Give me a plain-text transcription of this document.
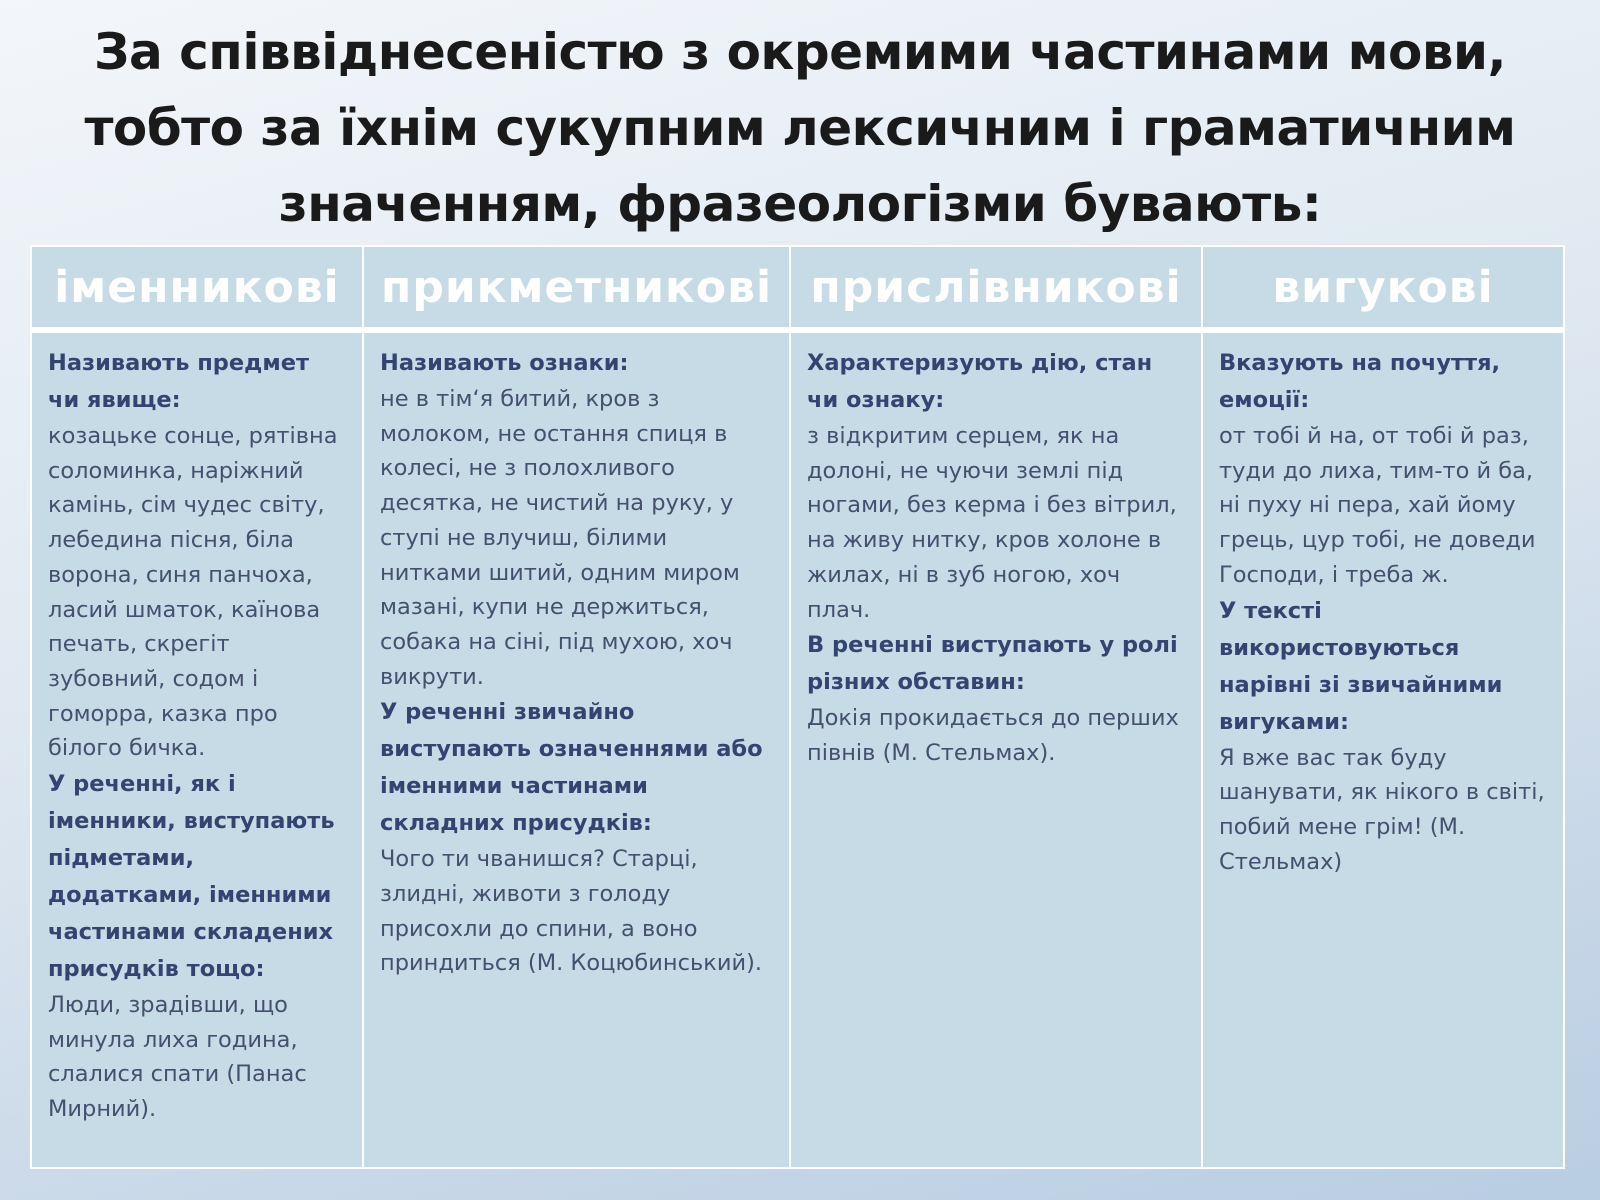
За співвіднесеністю з окремими частинами мови,
тобто за їхнім сукупним лексичним і граматичним
значенням, фразеологізми бувають:
іменникові прикметникові прислівникові	вигукові
Називають предмет чи явище:
козацьке сонце, рятівна соломинка, наріжний камінь, сім чудес світу, лебедина пісня, біла ворона, синя панчоха, ласий шматок, каїнова печать, скрегіт зубовний, содом і гоморра, казка про білого бичка.
У реченні, як і іменники, виступають підметами, додатками, іменними частинами складених присудків тощо:
Люди, зрадівши, що минула лиха година, слалися спати (Панас Мирний).
Називають ознаки:
не в тім‘я битий, кров з молоком, не остання спиця в колесі, не з полохливого десятка, не чистий на руку, у ступі не влучиш, білими нитками шитий, одним миром мазані, купи не держиться, собака на сіні, під мухою, хоч викрути.
У реченні звичайно виступають означеннями або іменними частинами складних присудків:
Чого ти чванишся? Старці, злидні, животи з голоду присохли до спини, а воно приндиться (М. Коцюбинський).
Характеризують дію, стан чи ознаку:
з відкритим серцем, як на долоні, не чуючи землі під ногами, без керма і без вітрил, на живу нитку, кров холоне в жилах, ні в зуб ногою, хоч плач.
В реченні виступають у ролі різних обставин:
Докія прокидається до перших півнів (М. Стельмах).
Вказують на почуття, емоції:
от тобі й на, от тобі й раз, туди до лиха, тим-то й ба, ні пуху ні пера, хай йому грець, цур тобі, не доведи Господи, і треба ж.
У тексті використовуються нарівні зі звичайними вигуками:
Я вже вас так буду шанувати, як нікого в світі, побий мене грім! (М. Стельмах)
